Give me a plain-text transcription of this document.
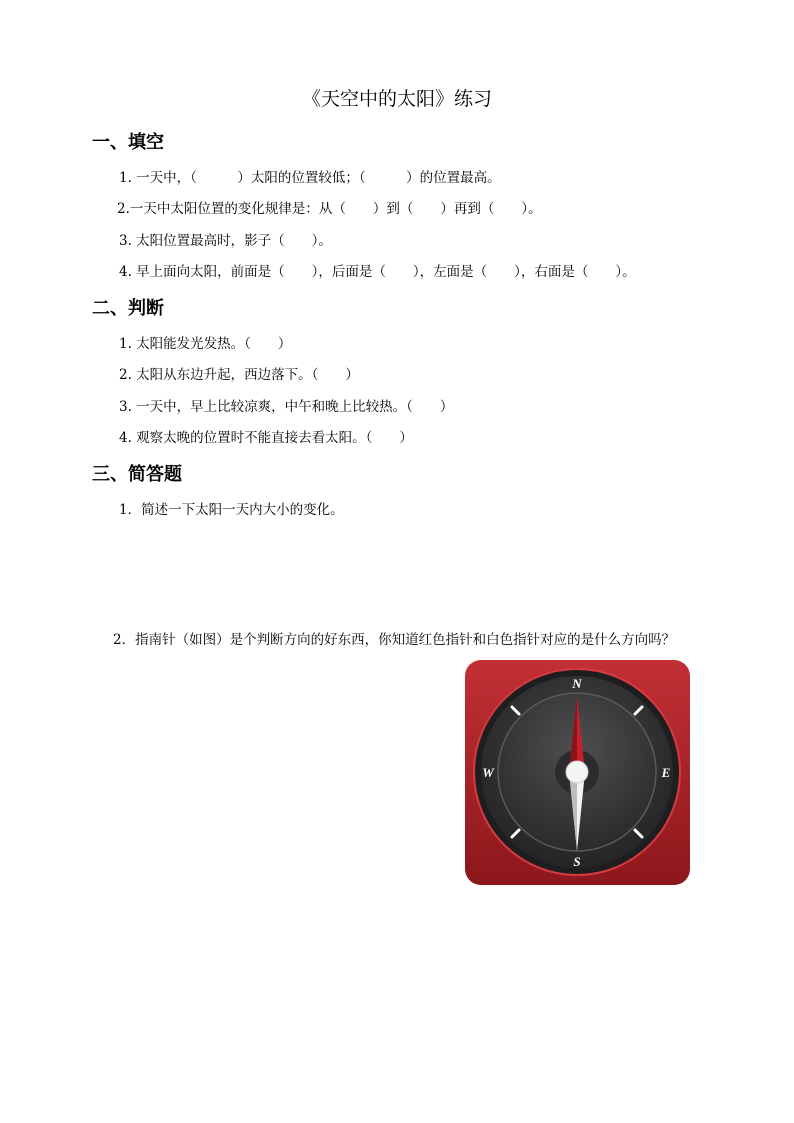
《天空中的太阳》练习
一、填空
1. 一天中，（　　　）太阳的位置较低；（　　　）的位置最高。
2.一天中太阳位置的变化规律是：从（　　）到（　　）再到（　　）。
3. 太阳位置最高时，影子（　　）。
4. 早上面向太阳，前面是（　　），后面是（　　），左面是（　　），右面是（　　）。
二、判断
1. 太阳能发光发热。（　　）
2. 太阳从东边升起，西边落下。（　　）
3. 一天中，早上比较凉爽，中午和晚上比较热。（　　）
4. 观察太晚的位置时不能直接去看太阳。（　　）
三、简答题
1．简述一下太阳一天内大小的变化。
2．指南针（如图）是个判断方向的好东西，你知道红色指针和白色指针对应的是什么方向吗？
N
S
E
W
